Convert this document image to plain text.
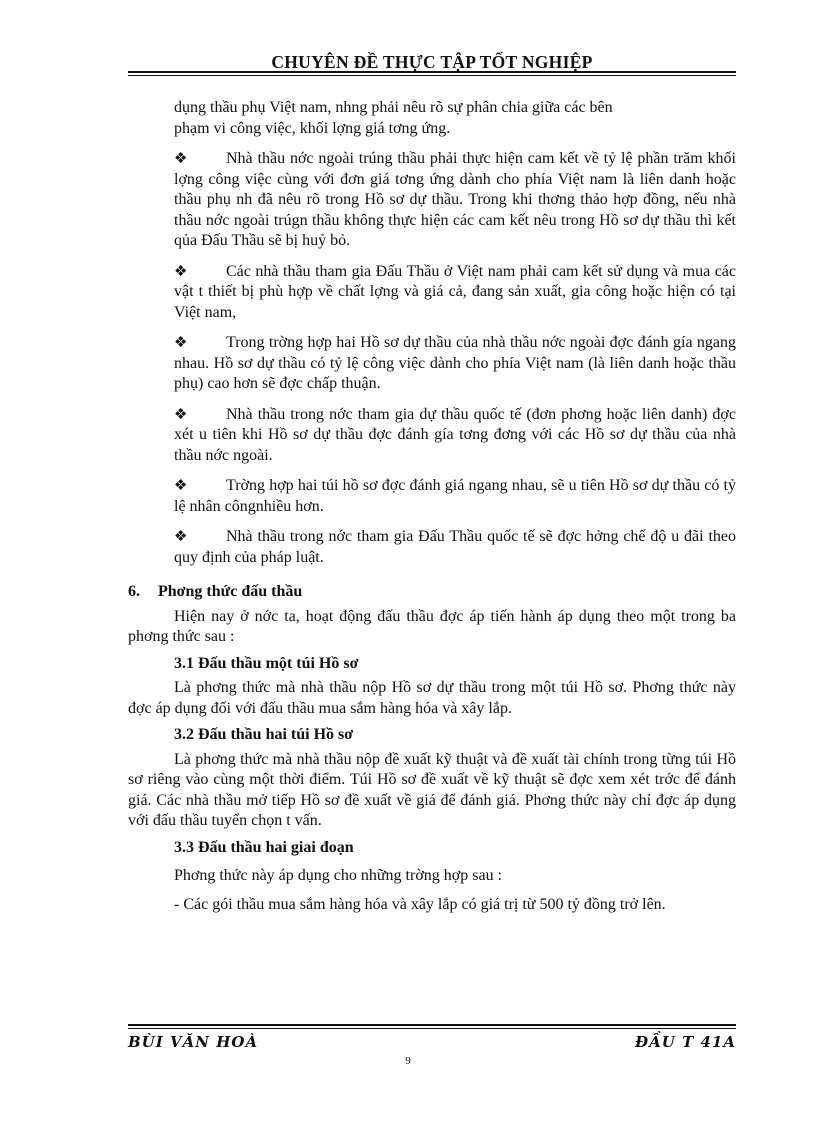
CHUYÊN ĐỀ THỰC TẬP TỐT NGHIỆP

dụng thầu phụ Việt nam, nhng phải nêu rõ sự phân chia giữa các bên

phạm vi công việc, khối lợng giá tơng ứng.

❖ Nhà thầu nớc ngoài trúng thầu phải thực hiện cam kết về tỷ lệ phần trăm khối lợng công việc cùng với đơn giá tơng ứng dành cho phía Việt nam là liên danh hoặc thầu phụ nh đã nêu rõ trong Hồ sơ dự thầu. Trong khi thơng thảo hợp đồng, nếu nhà thầu nớc ngoài trúgn thầu không thực hiện các cam kết nêu trong Hồ sơ dự thầu thì kết qủa Đấu Thầu sẽ bị huỷ bỏ.

❖ Các nhà thầu tham gia Đấu Thầu ở Việt nam phải cam kết sử dụng và mua các vật t thiết bị phù hợp về chất lợng và giá cả, đang sản xuất, gia công hoặc hiện có tại Việt nam,

❖ Trong trờng hợp hai Hồ sơ dự thầu của nhà thầu nớc ngoài đợc đánh gía ngang nhau. Hồ sơ dự thầu có tỷ lệ công việc dành cho phía Việt nam (là liên danh hoặc thầu phụ) cao hơn sẽ đợc chấp thuận.

❖ Nhà thầu trong nớc tham gia dự thầu quốc tế (đơn phơng hoặc liên danh) đợc xét u tiên khi Hồ sơ dự thầu đợc đánh gía tơng đơng với các Hồ sơ dự thầu của nhà thầu nớc ngoài.

❖ Trờng hợp hai túi hồ sơ đợc đánh giá ngang nhau, sẽ u tiên Hồ sơ dự thầu có tỷ lệ nhân côngnhiều hơn.

❖ Nhà thầu trong nớc tham gia Đấu Thầu quốc tế sẽ đợc hởng chế độ u đãi theo quy định của pháp luật.

6. Phơng thức đấu thầu

Hiện nay ở nớc ta, hoạt động đấu thầu đợc áp tiến hành áp dụng theo một trong ba phơng thức sau :

3.1 Đấu thầu một túi Hồ sơ

Là phơng thức mà nhà thầu nộp Hồ sơ dự thầu trong một túi Hồ sơ. Phơng thức này đợc áp dụng đối với đấu thầu mua sắm hàng hóa và xây lắp.

3.2 Đấu thầu hai túi Hồ sơ

Là phơng thức mà nhà thầu nộp đề xuất kỹ thuật và đề xuất tài chính trong từng túi Hồ sơ riêng vào cùng một thời điểm. Túi Hồ sơ đề xuất về kỹ thuật sẽ đợc xem xét trớc để đánh giá. Các nhà thầu mở tiếp Hồ sơ đề xuất về giá để đánh giá. Phơng thức này chỉ đợc áp dụng với đấu thầu tuyển chọn t vấn.

3.3 Đấu thầu hai giai đoạn

Phơng thức này áp dụng cho những trờng hợp sau :

- Các gói thầu mua sắm hàng hóa và xây lắp có giá trị từ 500 tỷ đồng trở lên.

BÙI VĂN HOÀ	ĐẦU T 41A
9
